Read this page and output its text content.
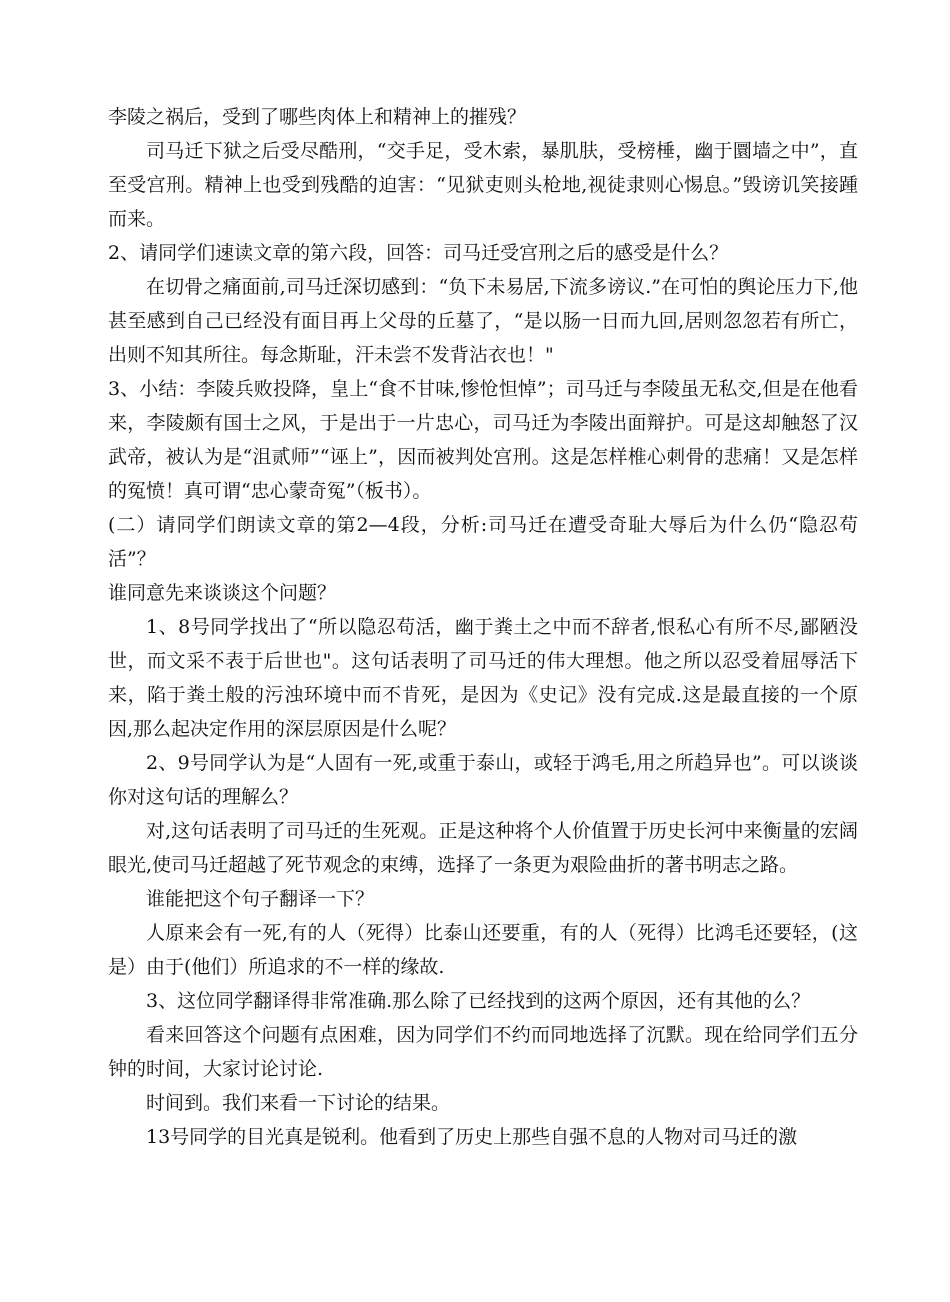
李陵之祸后，受到了哪些肉体上和精神上的摧残？

司马迁下狱之后受尽酷刑，“交手足，受木索，暴肌肤，受榜棰，幽于圜墙之中”，直至受宫刑。精神上也受到残酷的迫害：“见狱吏则头枪地,视徒隶则心惕息。”毁谤讥笑接踵而来。

2、请同学们速读文章的第六段，回答：司马迁受宫刑之后的感受是什么？

在切骨之痛面前,司马迁深切感到：“负下未易居,下流多谤议.”在可怕的舆论压力下,他甚至感到自己已经没有面目再上父母的丘墓了，“是以肠一日而九回,居则忽忽若有所亡，出则不知其所往。每念斯耻，汗未尝不发背沾衣也！"

3、小结：李陵兵败投降，皇上“食不甘味,惨怆怛悼”；司马迁与李陵虽无私交,但是在他看来，李陵颇有国士之风，于是出于一片忠心，司马迁为李陵出面辩护。可是这却触怒了汉武帝，被认为是“沮贰师”“诬上”，因而被判处宫刑。这是怎样椎心刺骨的悲痛！又是怎样的冤愤！真可谓“忠心蒙奇冤”（板书）。

(二）请同学们朗读文章的第2—4段，分析:司马迁在遭受奇耻大辱后为什么仍“隐忍苟活”？

谁同意先来谈谈这个问题？

1、8号同学找出了“所以隐忍苟活，幽于粪土之中而不辞者,恨私心有所不尽,鄙陋没世，而文采不表于后世也"。这句话表明了司马迁的伟大理想。他之所以忍受着屈辱活下来，陷于粪土般的污浊环境中而不肯死，是因为《史记》没有完成.这是最直接的一个原因,那么起决定作用的深层原因是什么呢？

2、9号同学认为是“人固有一死,或重于泰山，或轻于鸿毛,用之所趋异也”。可以谈谈你对这句话的理解么？

对,这句话表明了司马迁的生死观。正是这种将个人价值置于历史长河中来衡量的宏阔眼光,使司马迁超越了死节观念的束缚，选择了一条更为艰险曲折的著书明志之路。

谁能把这个句子翻译一下？

人原来会有一死,有的人（死得）比泰山还要重，有的人（死得）比鸿毛还要轻，(这是）由于(他们）所追求的不一样的缘故.

3、这位同学翻译得非常准确.那么除了已经找到的这两个原因，还有其他的么？

看来回答这个问题有点困难，因为同学们不约而同地选择了沉默。现在给同学们五分钟的时间，大家讨论讨论.

时间到。我们来看一下讨论的结果。

13号同学的目光真是锐利。他看到了历史上那些自强不息的人物对司马迁的激
